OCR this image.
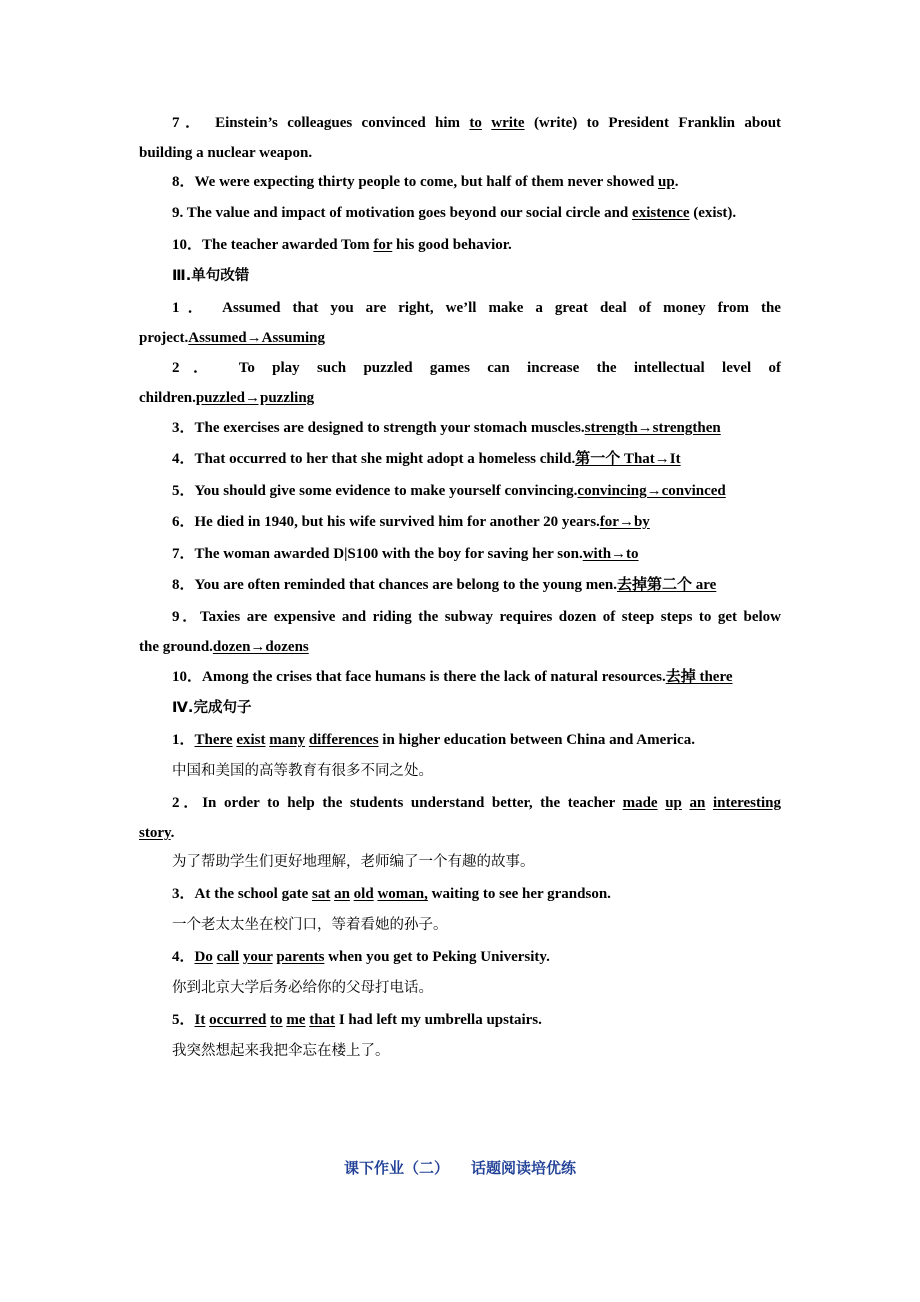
7． Einstein’s colleagues convinced him to write (write) to President Franklin about
building a nuclear weapon.
8．We were expecting thirty people to come, but half of them never showed up.
9. The value and impact of motivation goes beyond our social circle and existence (exist).
10．The teacher awarded Tom for his good behavior.
Ⅲ.单句改错
1． Assumed that you are right, we’ll make a great deal of money from the
project.Assumed→Assuming
2． To play such puzzled games can increase the intellectual level of
children.puzzled→puzzling
3．The exercises are designed to strength your stomach muscles.strength→strengthen
4．That occurred to her that she might adopt a homeless child.第一个 That→It
5．You should give some evidence to make yourself convincing.convincing→convinced
6．He died in 1940, but his wife survived him for another 20 years.for→by
7．The woman awarded D|S100 with the boy for saving her son.with→to
8．You are often reminded that chances are belong to the young men.去掉第二个 are
9．Taxies are expensive and riding the subway requires dozen of steep steps to get below
the ground.dozen→dozens
10．Among the crises that face humans is there the lack of natural resources.去掉 there
Ⅳ.完成句子
1．There exist many differences in higher education between China and America.
中国和美国的高等教育有很多不同之处。
2．In order to help the students understand better, the teacher made up an interesting
story.
为了帮助学生们更好地理解，老师编了一个有趣的故事。
3．At the school gate sat an old woman, waiting to see her grandson.
一个老太太坐在校门口，等着看她的孙子。
4．Do call your parents when you get to Peking University.
你到北京大学后务必给你的父母打电话。
5．It occurred to me that I had left my umbrella upstairs.
我突然想起来我把伞忘在楼上了。
课下作业（二） 话题阅读培优练
